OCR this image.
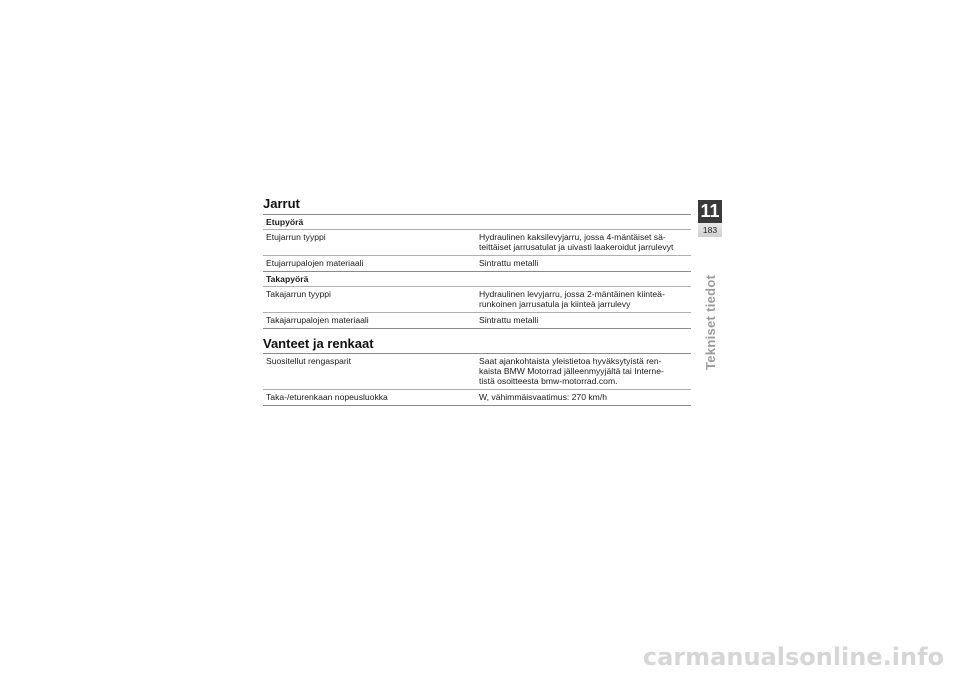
Jarrut
Etupyörä
Etujarrun tyyppi	Hydraulinen kaksilevyjarru, jossa 4-mäntäiset sä-
teittäiset jarrusatulat ja uivasti laakeroidut jarrulevyt
Etujarrupalojen materiaali	Sintrattu metalli
Takapyörä
Takajarrun tyyppi	Hydraulinen levyjarru, jossa 2-mäntäinen kiinteä-
runkoinen jarrusatula ja kiinteä jarrulevy
Takajarrupalojen materiaali	Sintrattu metalli
Vanteet ja renkaat
Suositellut rengasparit	Saat ajankohtaista yleistietoa hyväksytyistä ren-
kaista BMW Motorrad jälleenmyyjältä tai Interne-
tistä osoitteesta bmw-motorrad.com.
Taka-/eturenkaan nopeusluokka	W, vähimmäisvaatimus: 270 km/h
11
183
Tekniset tiedot
carmanualsonline.info
